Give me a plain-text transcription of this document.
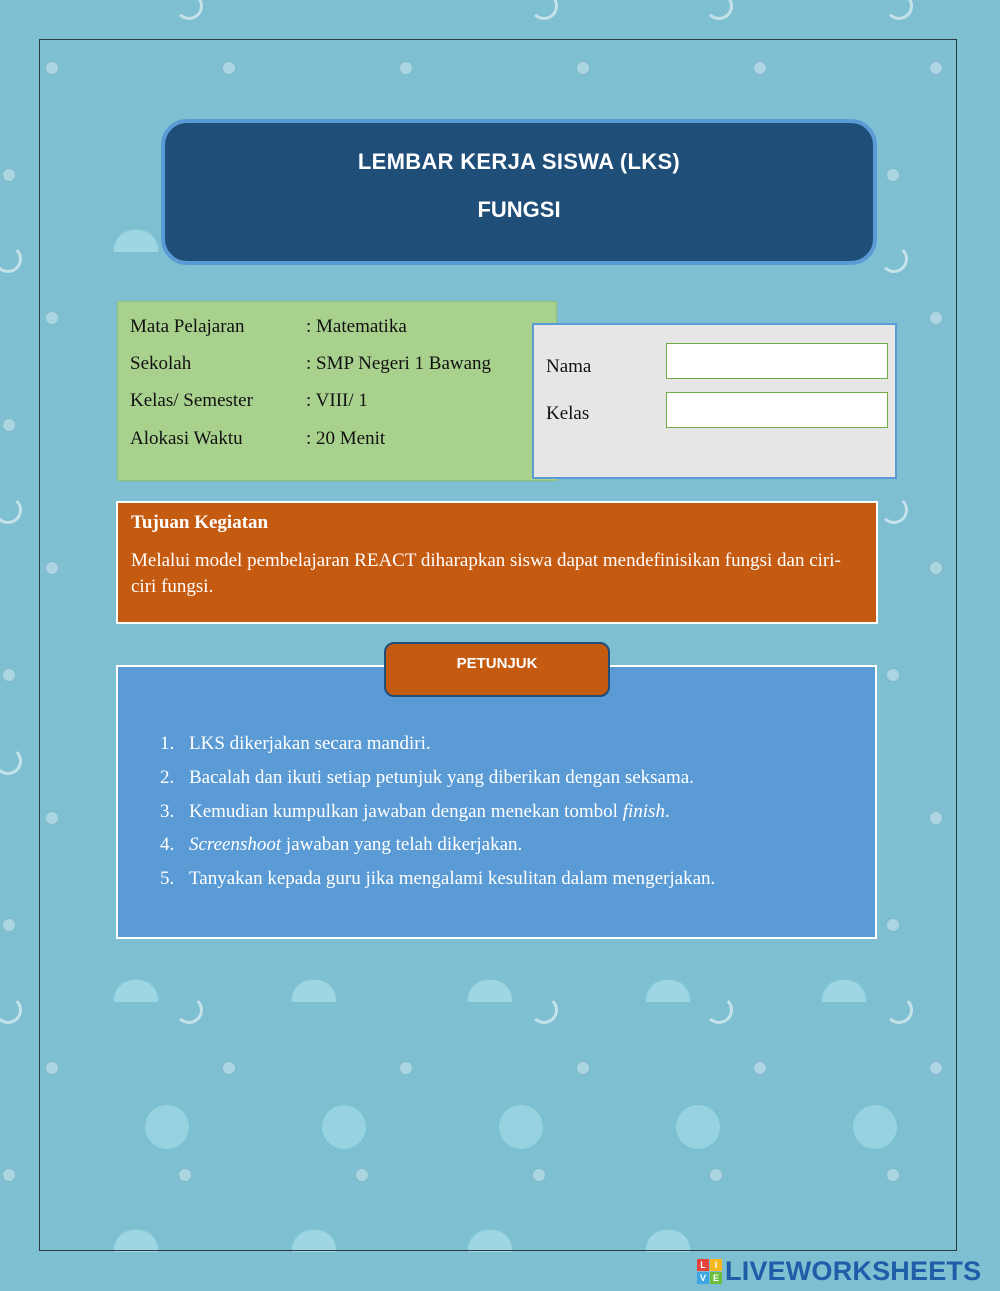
LEMBAR KERJA SISWA (LKS)
FUNGSI
Mata Pelajaran	: Matematika
Sekolah	: SMP Negeri 1 Bawang
Kelas/ Semester	: VIII/ 1
Alokasi Waktu	: 20 Menit
Nama
Kelas
Tujuan Kegiatan
Melalui model pembelajaran REACT diharapkan siswa dapat mendefinisikan fungsi dan ciri-ciri fungsi.
PETUNJUK
1. LKS dikerjakan secara mandiri.
2. Bacalah dan ikuti setiap petunjuk yang diberikan dengan seksama.
3. Kemudian kumpulkan jawaban dengan menekan tombol finish.
4. Screenshoot jawaban yang telah dikerjakan.
5. Tanyakan kepada guru jika mengalami kesulitan dalam mengerjakan.
L I
V E LIVEWORKSHEETS
